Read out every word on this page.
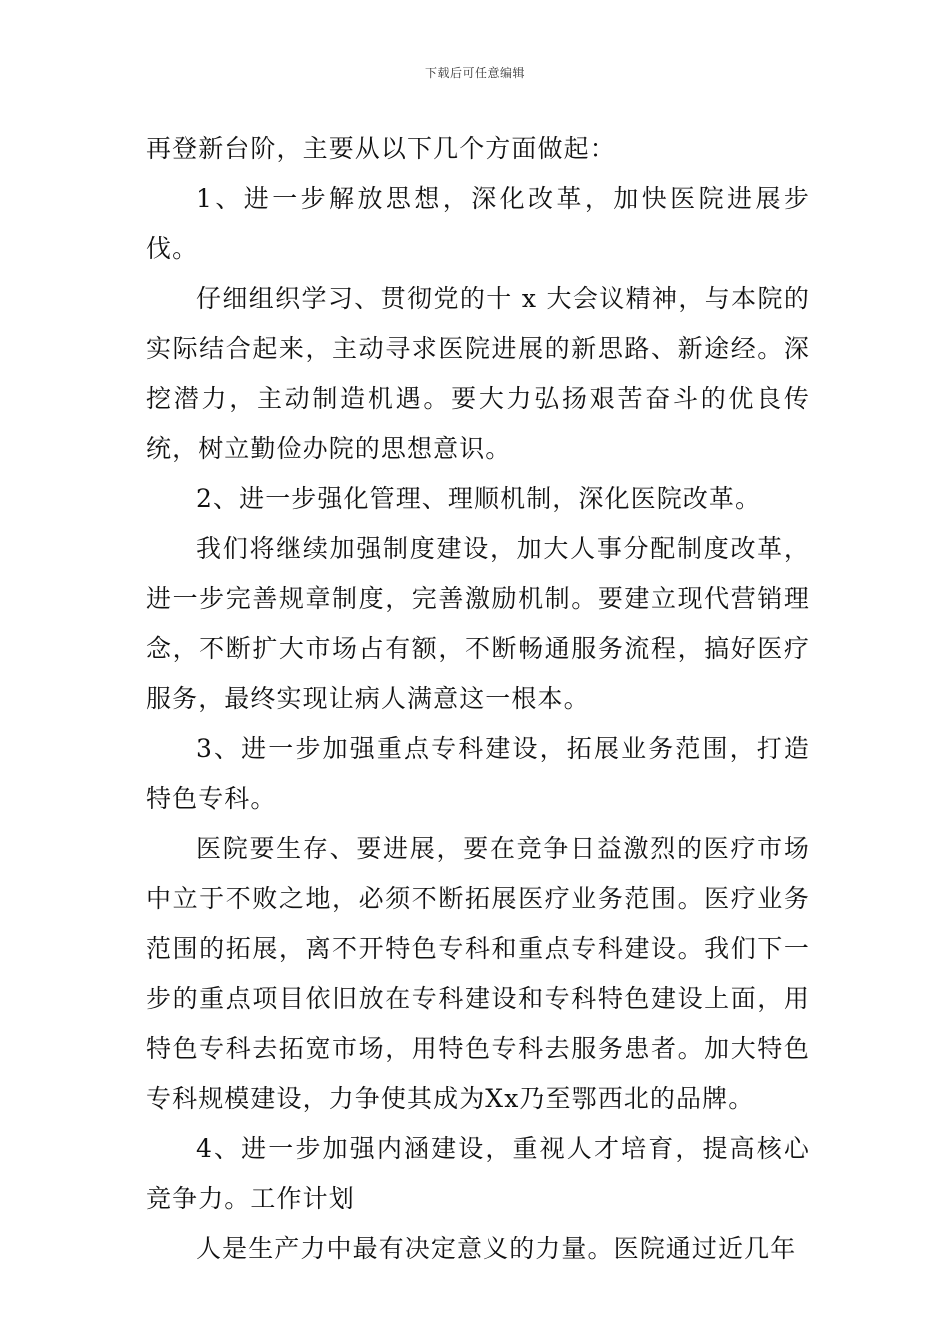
下载后可任意编辑

再登新台阶，主要从以下几个方面做起：

1、进一步解放思想，深化改革，加快医院进展步伐。

仔细组织学习、贯彻党的十 x 大会议精神，与本院的实际结合起来，主动寻求医院进展的新思路、新途经。深挖潜力，主动制造机遇。要大力弘扬艰苦奋斗的优良传统，树立勤俭办院的思想意识。

2、进一步强化管理、理顺机制，深化医院改革。

我们将继续加强制度建设，加大人事分配制度改革，进一步完善规章制度，完善激励机制。要建立现代营销理念，不断扩大市场占有额，不断畅通服务流程，搞好医疗服务，最终实现让病人满意这一根本。

3、进一步加强重点专科建设，拓展业务范围，打造特色专科。

医院要生存、要进展，要在竞争日益激烈的医疗市场中立于不败之地，必须不断拓展医疗业务范围。医疗业务范围的拓展，离不开特色专科和重点专科建设。我们下一步的重点项目依旧放在专科建设和专科特色建设上面，用特色专科去拓宽市场，用特色专科去服务患者。加大特色专科规模建设，力争使其成为Xx乃至鄂西北的品牌。

4、进一步加强内涵建设，重视人才培育，提高核心竞争力。工作计划

人是生产力中最有决定意义的力量。医院通过近几年
